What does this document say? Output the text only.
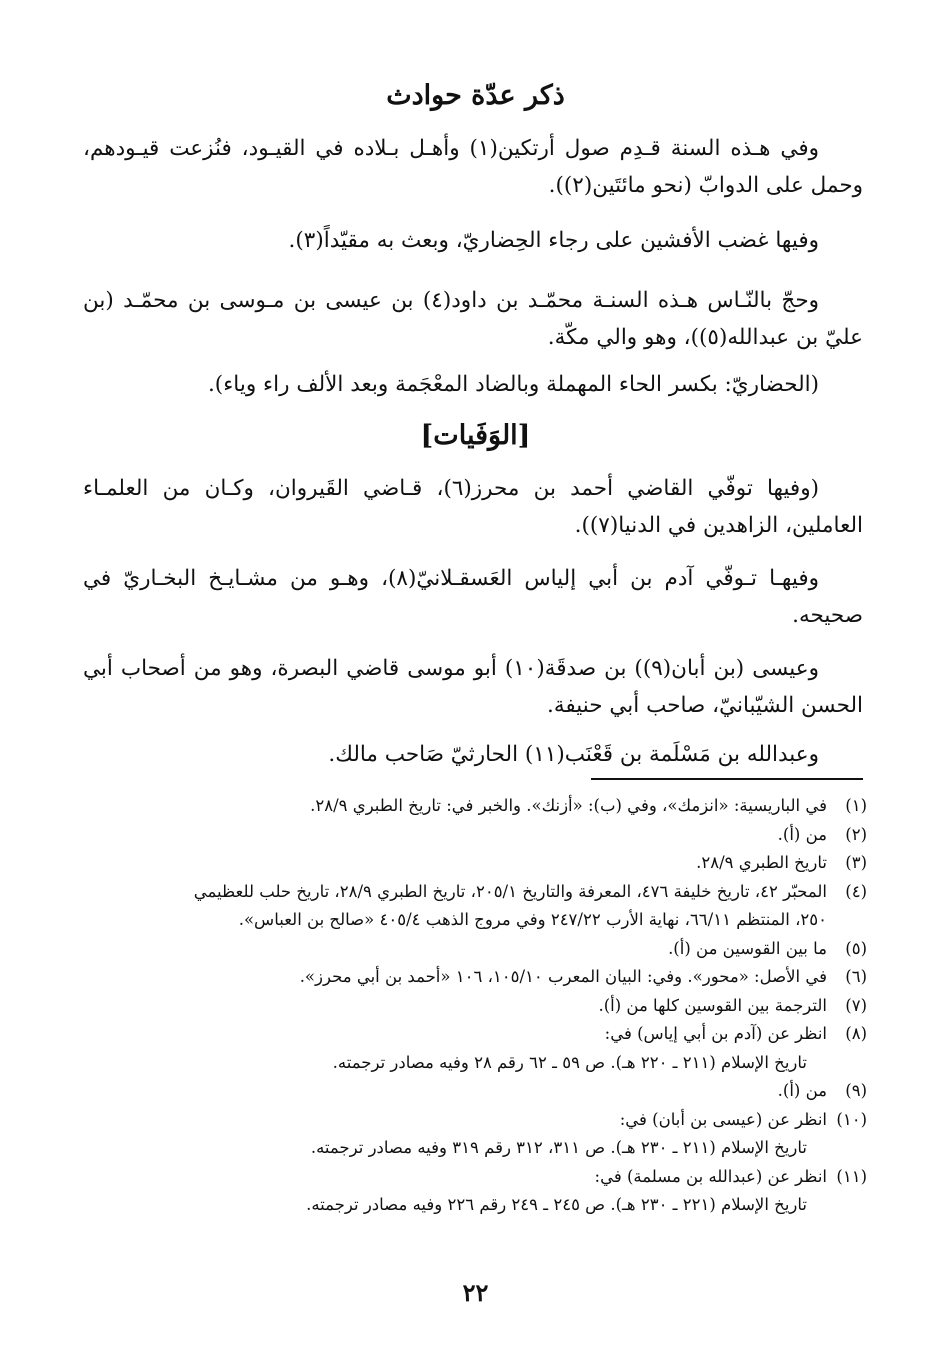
ذكر عدّة حوادث

وفي هـذه السنة قـدِم صول أرتكين(١) وأهـل بـلاده في القيـود، فنُزعت قيـودهم، وحمل على الدوابّ (نحو مائتَين(٢)).

وفيها غضب الأفشين على رجاء الحِضاريّ، وبعث به مقيّداً(٣).

وحجّ بالنّـاس هـذه السنـة محمّـد بن داود(٤) بن عيسى بن مـوسى بن محمّـد (بن عليّ بن عبدالله(٥))، وهو والي مكّة.

(الحضاريّ: بكسر الحاء المهملة وبالضاد المعْجَمة وبعد الألف راء وياء).

[الوَفَيات]

(وفيها توفّي القاضي أحمد بن محرز(٦)، قـاضي القَيروان، وكـان من العلمـاء العاملين، الزاهدين في الدنيا(٧)).

وفيهـا تـوفّي آدم بن أبي إلياس العَسقـلانيّ(٨)، وهـو من مشـايـخ البخـاريّ في صحيحه.

وعيسى (بن أبان(٩)) بن صدقَة(١٠) أبو موسى قاضي البصرة، وهو من أصحاب أبي الحسن الشيّبانيّ، صاحب أبي حنيفة.

وعبدالله بن مَسْلَمة بن قَعْنَب(١١) الحارثيّ صَاحب مالك.

(١)
في الباريسية: «انزمك»، وفي (ب): «أزنك». والخبر في: تاريخ الطبري ٢٨/٩.
(٢)
من (أ).
(٣)
تاريخ الطبري ٢٨/٩.
(٤)
المحبّر ٤٢، تاريخ خليفة ٤٧٦، المعرفة والتاريخ ٢٠٥/١، تاريخ الطبري ٢٨/٩، تاريخ حلب للعظيمي
٢٥٠، المنتظم ٦٦/١١، نهاية الأرب ٢٤٧/٢٢ وفي مروج الذهب ٤٠٥/٤ «صالح بن العباس».
(٥)
ما بين القوسين من (أ).
(٦)
في الأصل: «محور». وفي: البيان المعرب ١٠٥/١٠، ١٠٦ «أحمد بن أبي محرز».
(٧)
الترجمة بين القوسين كلها من (أ).
(٨)
انظر عن (آدم بن أبي إياس) في:
تاريخ الإسلام (٢١١ ـ ٢٢٠ هـ). ص ٥٩ ـ ٦٢ رقم ٢٨ وفيه مصادر ترجمته.
(٩)
من (أ).
(١٠)
انظر عن (عيسى بن أبان) في:
تاريخ الإسلام (٢١١ ـ ٢٣٠ هـ). ص ٣١١، ٣١٢ رقم ٣١٩ وفيه مصادر ترجمته.
(١١)
انظر عن (عبدالله بن مسلمة) في:
تاريخ الإسلام (٢٢١ ـ ٢٣٠ هـ). ص ٢٤٥ ـ ٢٤٩ رقم ٢٢٦ وفيه مصادر ترجمته.
٢٢
